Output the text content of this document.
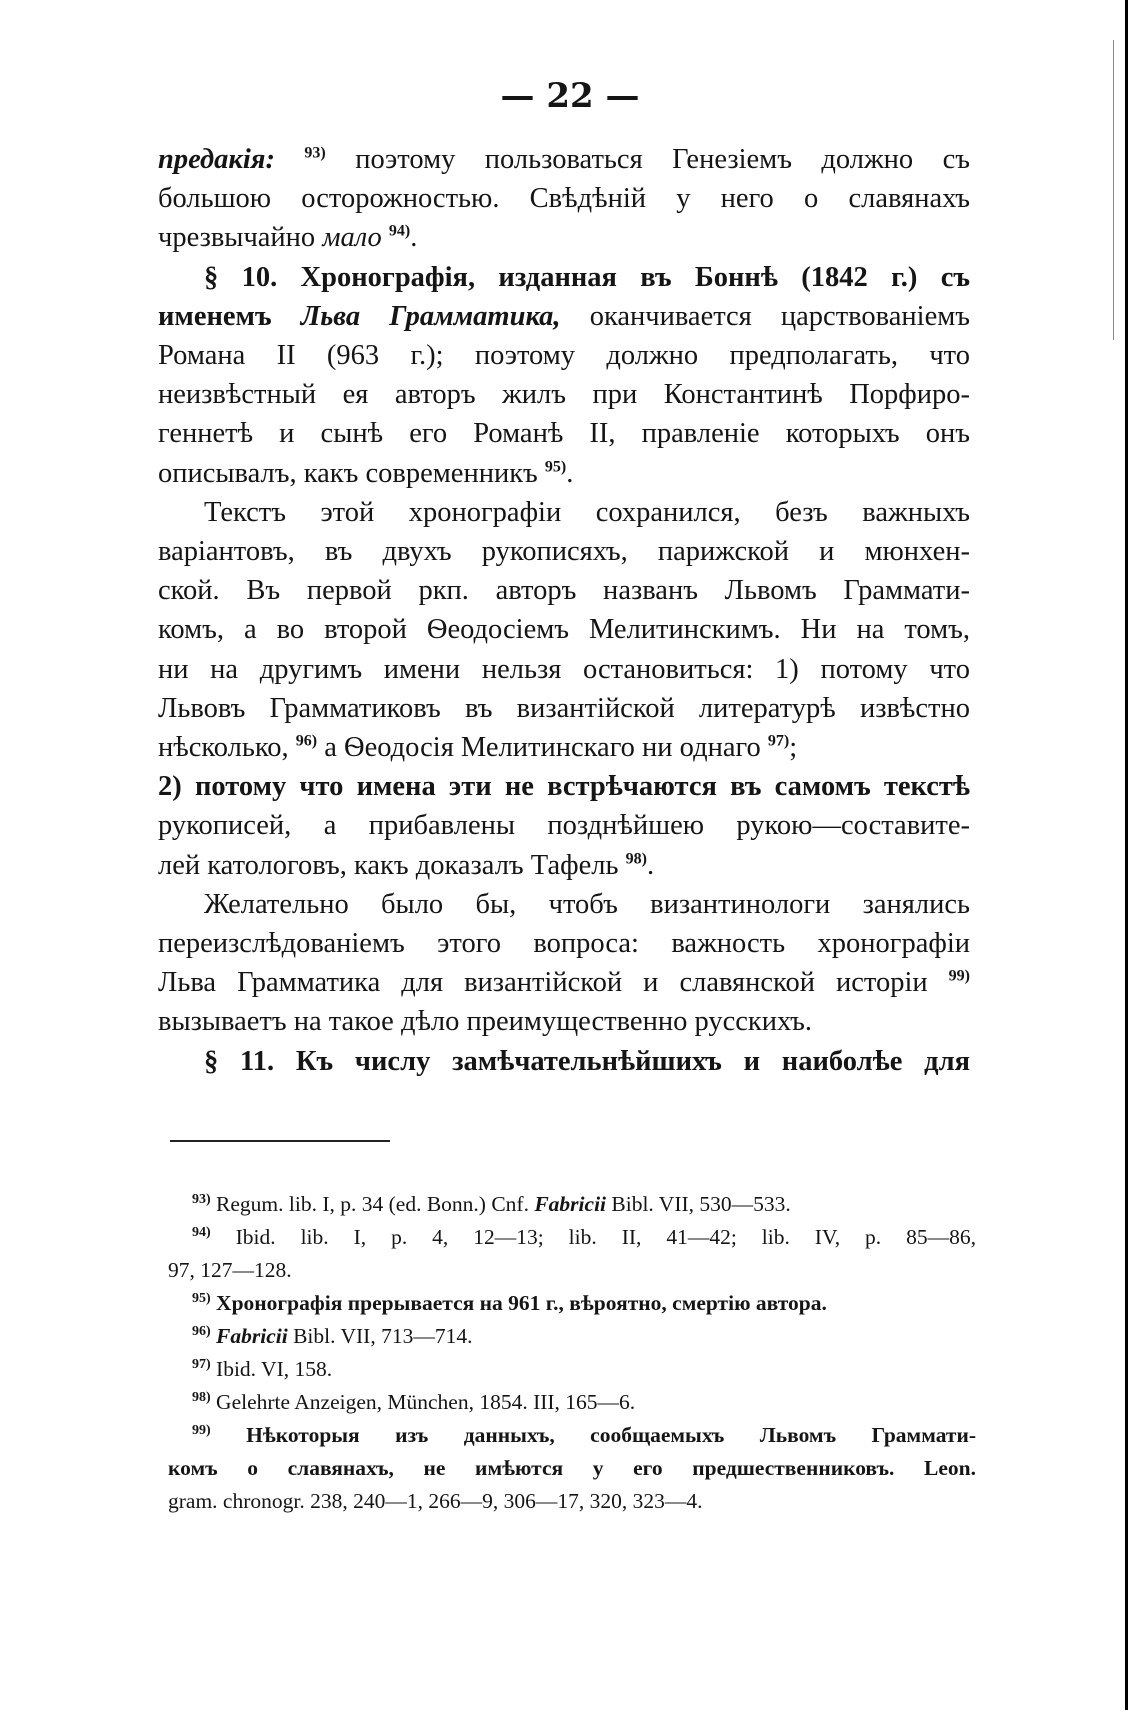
— 22 —
предакія: $^{93)}$ поэтому пользоваться Генезіемъ должно съ
большою осторожностью. Свѣдѣній у него о славянахъ
чрезвычайно мало $^{94)}$.
§ 10. Хронографія, изданная въ Боннѣ (1842 г.) съ
именемъ Льва Грамматика, оканчивается царствованіемъ
Романа II (963 г.); поэтому должно предполагать, что
неизвѣстный ея авторъ жилъ при Константинѣ Порфиро-
геннетѣ и сынѣ его Романѣ II, правленіе которыхъ онъ
описывалъ, какъ современникъ $^{95)}$.
Текстъ этой хронографіи сохранился, безъ важныхъ
варіантовъ, въ двухъ рукописяхъ, парижской и мюнхен-
ской. Въ первой ркп. авторъ названъ Львомъ Граммати-
комъ, а во второй Ѳеодосіемъ Мелитинскимъ. Ни на томъ,
ни на другимъ имени нельзя остановиться: 1) потому что
Львовъ Грамматиковъ въ византійской литературѣ извѣстно
нѣсколько, $^{96)}$ а Ѳеодосія Мелитинскаго ни однаго $^{97)}$;
2) потому что имена эти не встрѣчаются въ самомъ текстѣ
рукописей, а прибавлены позднѣйшею рукою—составите-
лей катологовъ, какъ доказалъ Тафель $^{98)}$.
Желательно было бы, чтобъ византинологи занялись
переизслѣдованіемъ этого вопроса: важность хронографіи
Льва Грамматика для византійской и славянской исторіи $^{99)}$
вызываетъ на такое дѣло преимущественно русскихъ.
§ 11. Къ числу замѣчательнѣйшихъ и наиболѣе для
$^{93)}$ Regum. lib. I, p. 34 (ed. Bonn.) Cnf. Fabricii Bibl. VII, 530—533.
$^{94)}$ Ibid. lib. I, p. 4, 12—13; lib. II, 41—42; lib. IV, p. 85—86,
97, 127—128.
$^{95)}$ Хронографія прерывается на 961 г., вѣроятно, смертію автора.
$^{96)}$ Fabricii Bibl. VII, 713—714.
$^{97)}$ Ibid. VI, 158.
$^{98)}$ Gelehrte Anzeigen, München, 1854. III, 165—6.
$^{99)}$ Нѣкоторыя изъ данныхъ, сообщаемыхъ Львомъ Граммати-
комъ о славянахъ, не имѣются у его предшественниковъ. Leon.
gram. chronogr. 238, 240—1, 266—9, 306—17, 320, 323—4.
